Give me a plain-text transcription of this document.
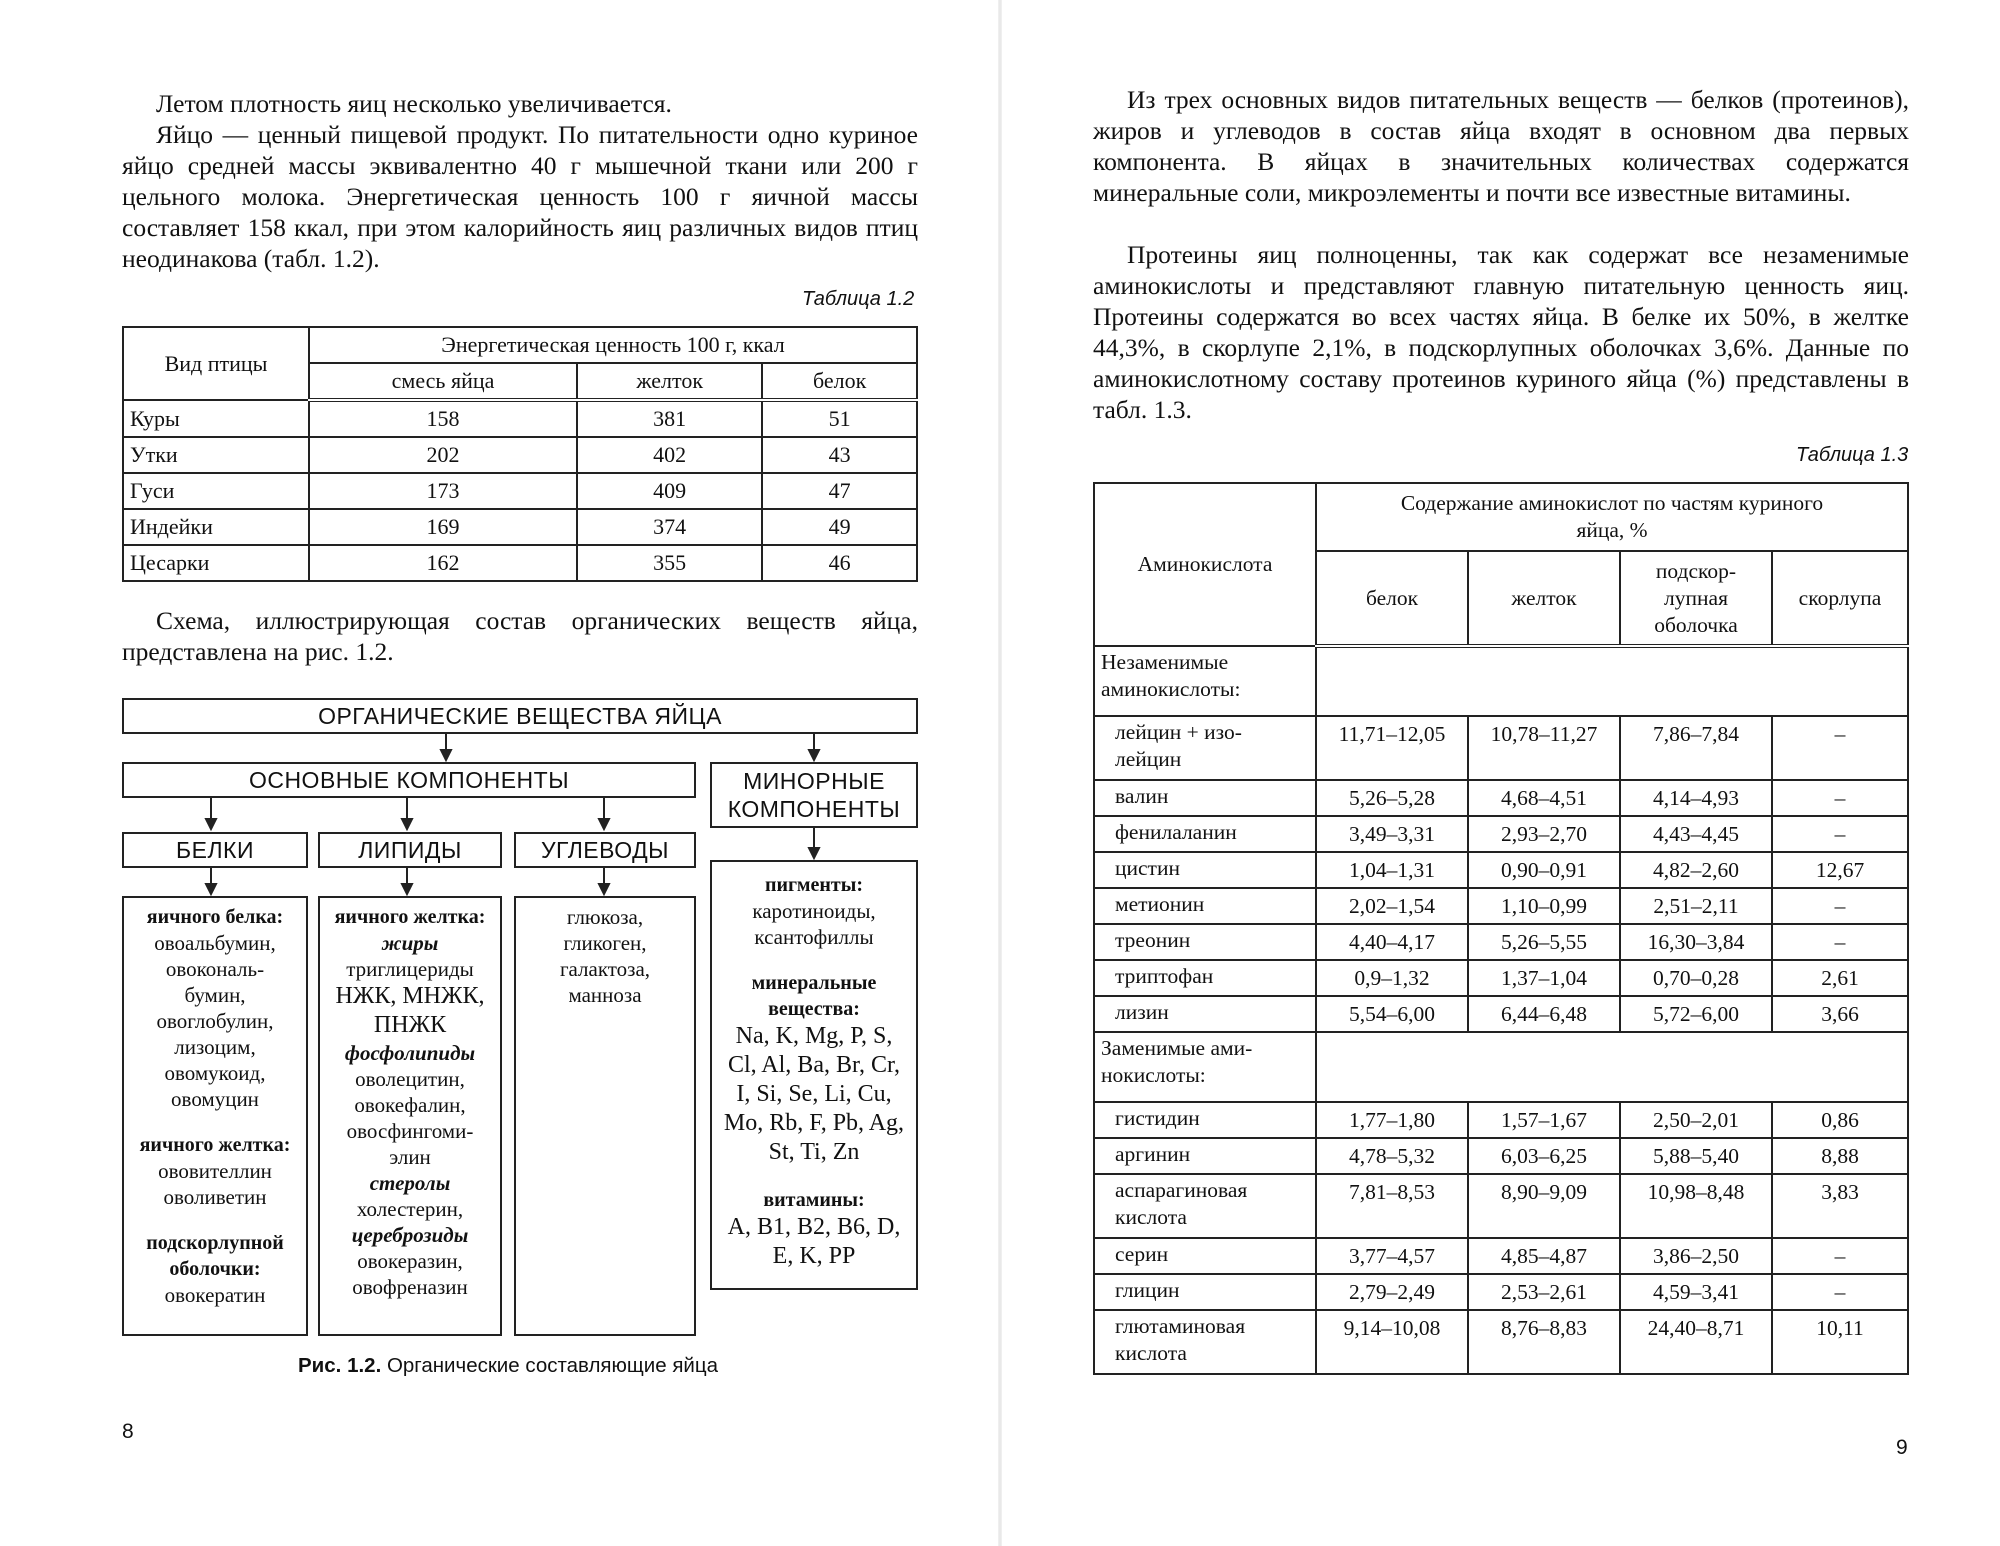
Летом плотность яиц несколько увеличивается.

Яйцо — ценный пищевой продукт. По питательности одно куриное яйцо средней массы эквивалентно 40 г мышечной ткани или 200 г цельного молока. Энергетическая ценность 100 г яичной массы составляет 158 ккал, при этом калорийность яиц различных видов птиц неодинакова (табл. 1.2).

Таблица 1.2
Вид птицы	Энергетическая ценность 100 г, ккал		
	смесь яйца	желток	белок
Куры	158	381	51
Утки	202	402	43
Гуси	173	409	47
Индейки	169	374	49
Цесарки	162	355	46

Схема, иллюстрирующая состав органических веществ яйца, представлена на рис. 1.2.

ОРГАНИЧЕСКИЕ ВЕЩЕСТВА ЯЙЦА
ОСНОВНЫЕ КОМПОНЕНТЫ	МИНОРНЫЕ
КОМПОНЕНТЫ
БЕЛКИ	ЛИПИДЫ	УГЛЕВОДЫ
яичного белка:
овоальбумин,
овокональ-
бумин,
овоглобулин,
лизоцим,
овомукоид,
овомуцин
яичного желтка:
ововителлин
оволиветин
подскорлупной
оболочки:
овокератин
яичного желтка:
жиры
триглицериды
НЖК, МНЖК,
ПНЖК
фосфолипиды
оволецитин,
овокефалин,
овосфингоми-
элин
стеролы
холестерин,
цереброзиды
овокеразин,
овофреназин
глюкоза,
гликоген,
галактоза,
манноза
пигменты:
каротиноиды,
ксантофиллы
минеральные
вещества:
Na, K, Mg, P, S,
Cl, Al, Ba, Br, Cr,
I, Si, Se, Li, Cu,
Mo, Rb, F, Pb, Ag,
St, Ti, Zn
витамины:
A, B1, B2, B6, D,
E, K, PP
Рис. 1.2. Органические составляющие яйца
8

Из трех основных видов питательных веществ — белков (протеинов), жиров и углеводов в состав яйца входят в основном два первых компонента. В яйцах в значительных количествах содержатся минеральные соли, микроэлементы и почти все известные витамины.

Протеины яиц полноценны, так как содержат все незаменимые аминокислоты и представляют главную питательную ценность яиц. Протеины содержатся во всех частях яйца. В белке их 50%, в желтке 44,3%, в скорлупе 2,1%, в подскорлупных оболочках 3,6%. Данные по аминокислотному составу протеинов куриного яйца (%) представлены в табл. 1.3.

Таблица 1.3
Аминокислота	Содержание аминокислот по частям куриного
яйца, %			

	белок	желток	подскор-
лупная
оболочка	скорлупа

Незаменимые
аминокислоты:				

лейцин + изо-
лейцин	11,71–12,05	10,78–11,27	7,86–7,84	–
валин	5,26–5,28	4,68–4,51	4,14–4,93	–
фенилаланин	3,49–3,31	2,93–2,70	4,43–4,45	–
цистин	1,04–1,31	0,90–0,91	4,82–2,60	12,67
метионин	2,02–1,54	1,10–0,99	2,51–2,11	–
треонин	4,40–4,17	5,26–5,55	16,30–3,84	–
триптофан	0,9–1,32	1,37–1,04	0,70–0,28	2,61
лизин	5,54–6,00	6,44–6,48	5,72–6,00	3,66

Заменимые ами-
нокислоты:				

гистидин	1,77–1,80	1,57–1,67	2,50–2,01	0,86
аргинин	4,78–5,32	6,03–6,25	5,88–5,40	8,88

аспарагиновая
кислота	7,81–8,53	8,90–9,09	10,98–8,48	3,83
серин	3,77–4,57	4,85–4,87	3,86–2,50	–
глицин	2,79–2,49	2,53–2,61	4,59–3,41	–

глютаминовая
кислота	9,14–10,08	8,76–8,83	24,40–8,71	10,11
9
